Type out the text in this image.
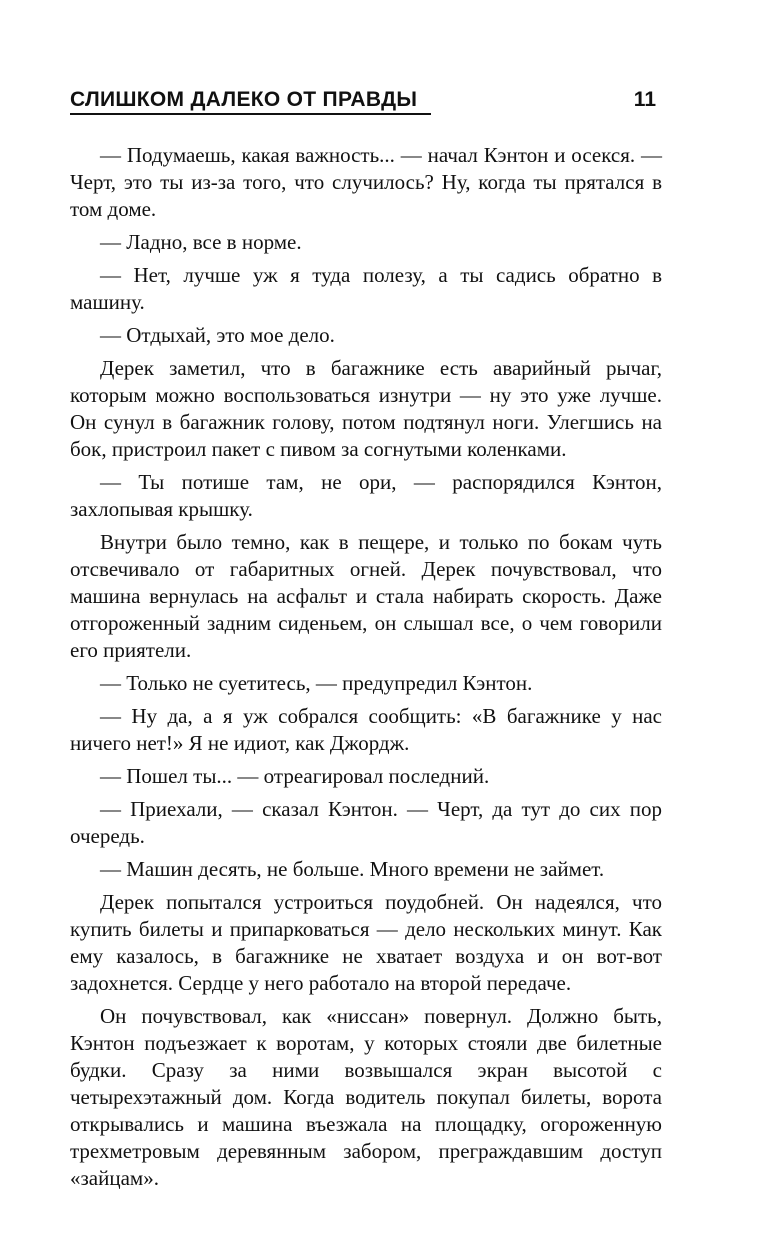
СЛИШКОМ ДАЛЕКО ОТ ПРАВДЫ	11

— Подумаешь, какая важность... — начал Кэнтон и осекся. — Черт, это ты из-за того, что случилось? Ну, когда ты прятался в том доме.

— Ладно, все в норме.

— Нет, лучше уж я туда полезу, а ты садись обратно в машину.

— Отдыхай, это мое дело.

Дерек заметил, что в багажнике есть аварийный рычаг, которым можно воспользоваться изнутри — ну это уже лучше. Он сунул в багажник голову, потом подтянул ноги. Улегшись на бок, пристроил пакет с пивом за согнутыми коленками.

— Ты потише там, не ори, — распорядился Кэнтон, захлопывая крышку.

Внутри было темно, как в пещере, и только по бокам чуть отсвечивало от габаритных огней. Дерек почувствовал, что машина вернулась на асфальт и стала набирать скорость. Даже отгороженный задним сиденьем, он слышал все, о чем говорили его приятели.

— Только не суетитесь, — предупредил Кэнтон.

— Ну да, а я уж собрался сообщить: «В багажнике у нас ничего нет!» Я не идиот, как Джордж.

— Пошел ты... — отреагировал последний.

— Приехали, — сказал Кэнтон. — Черт, да тут до сих пор очередь.

— Машин десять, не больше. Много времени не займет.

Дерек попытался устроиться поудобней. Он надеялся, что купить билеты и припарковаться — дело нескольких минут. Как ему казалось, в багажнике не хватает воздуха и он вот-вот задохнется. Сердце у него работало на второй передаче.

Он почувствовал, как «ниссан» повернул. Должно быть, Кэнтон подъезжает к воротам, у которых стояли две билетные будки. Сразу за ними возвышался экран высотой с четырехэтажный дом. Когда водитель покупал билеты, ворота открывались и машина въезжала на площадку, огороженную трехметровым деревянным забором, преграждавшим доступ «зайцам».
